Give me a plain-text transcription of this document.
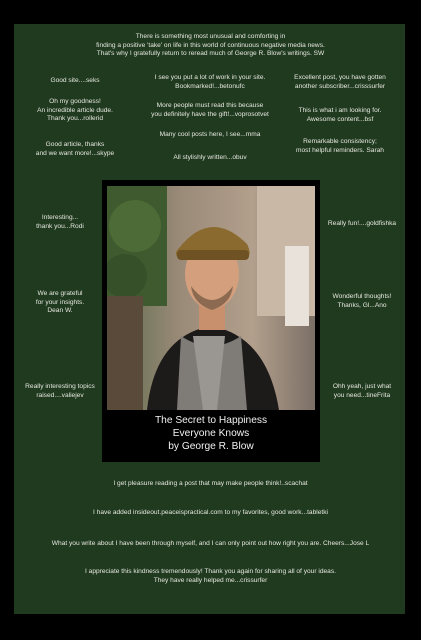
There is something most unusual and comforting in
finding a positive 'take' on life in this world of continuous negative media news.
That's why I gratefully return to reread much of George R. Blow's writings. SW
Good site....seks
Oh my goodness!
An incredible article dude.
Thank you...rollerid
Good article, thanks
and we want more!...skype
I see you put a lot of work in your site.
Bookmarked!...betonufc
More people must read this because
you definitely have the gift!...voprosotvet
Many cool posts here, I see...mma
All stylishly written...obuv
Excellent post, you have gotten
another subscriber...crisssurfer
This is what i am looking for.
Awesome content...bsf
Remarkable consistency;
most helpful reminders. Sarah
Interesting...
thank you...Rodi
We are grateful
for your insights.
Dean W.
Really interesting topics
raised....valiejev
Really fun!....goldfishka
Wonderful thoughts!
Thanks, Gl...Ano
Ohh yeah, just what
you need...tineFrita
The Secret to Happiness
Everyone Knows
by George R. Blow
I get pleasure reading a post that may make people think!..scachat
I have added insideout.peaceispractical.com to my favorites, good work...tabletki
What you write about I have been through myself, and I can only point out how right you are. Cheers...Jose L
I appreciate this kindness tremendously! Thank you again for sharing all of your ideas.
They have really helped me...crissurfer
